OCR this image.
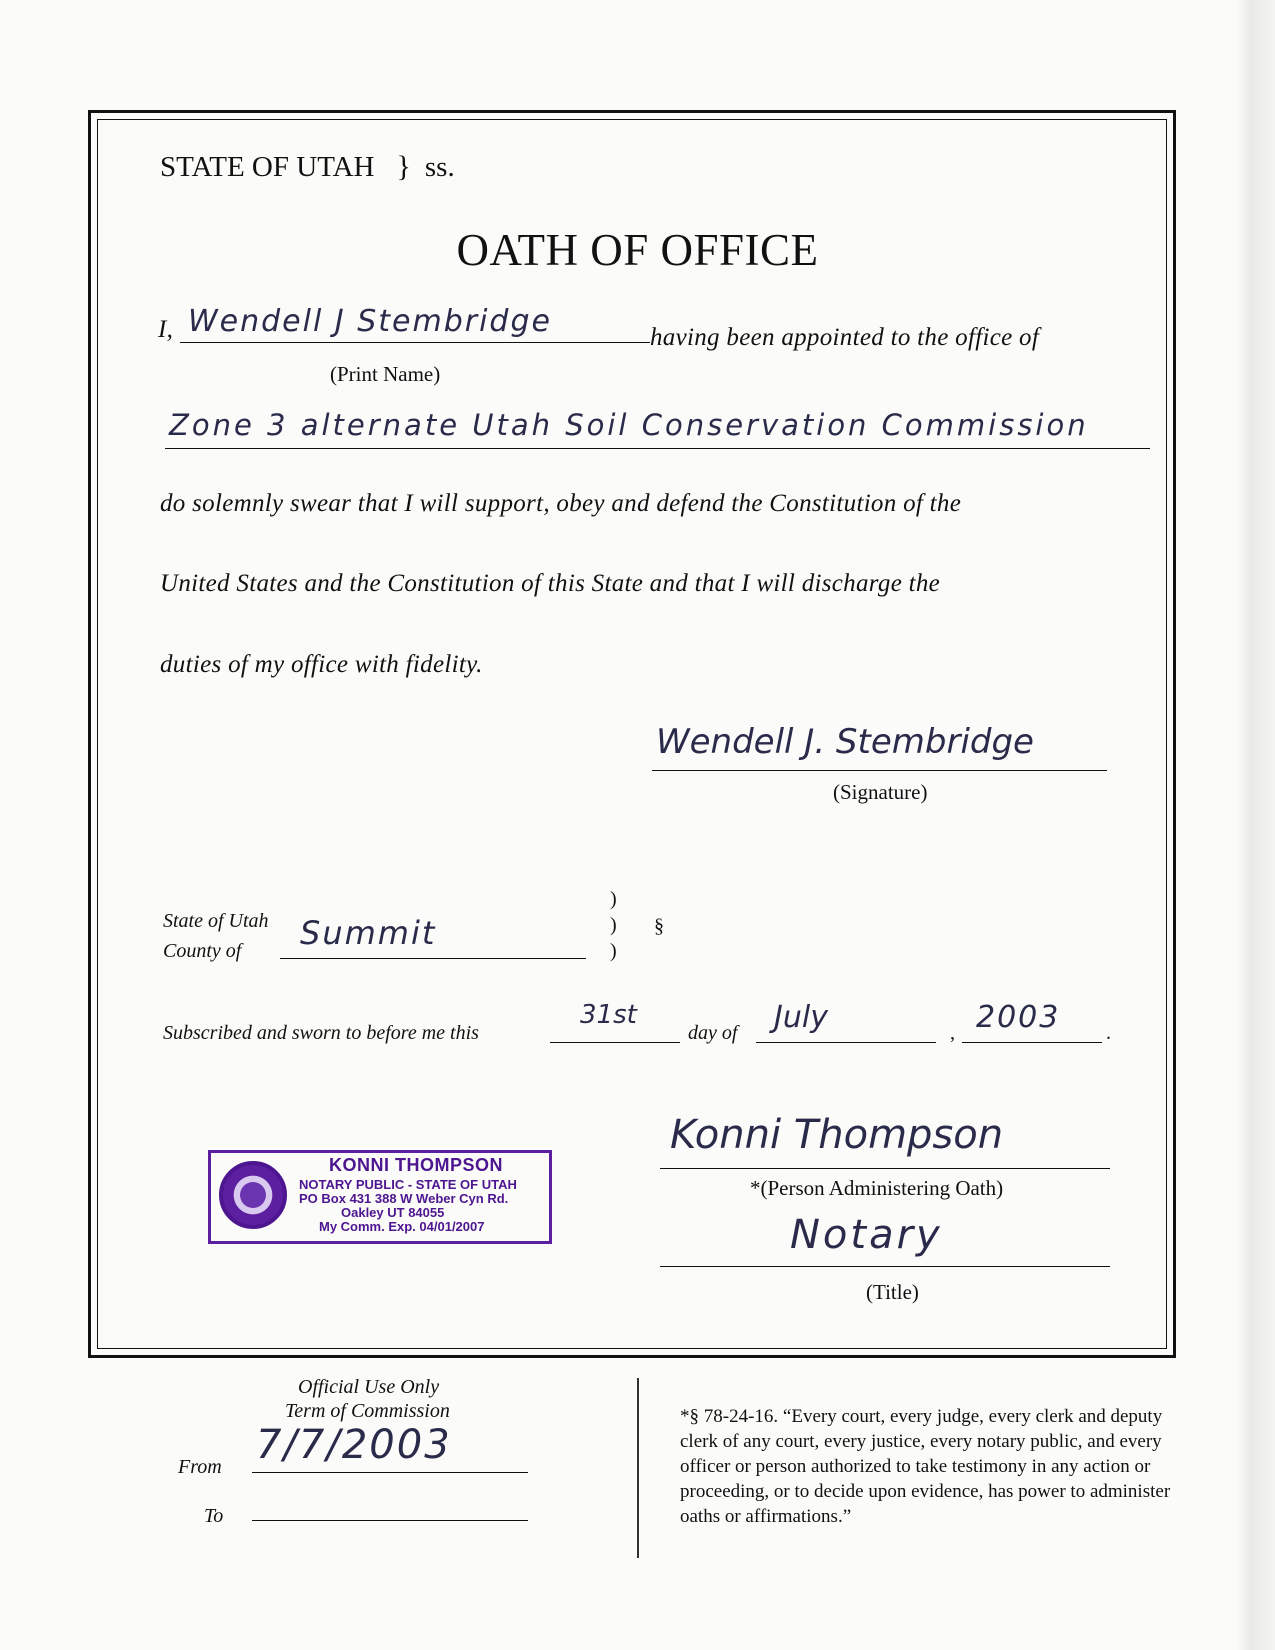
STATE OF UTAH } ss.
OATH OF OFFICE
I, Wendell J Stembridge	having been appointed to the office of
(Print Name)
Zone 3 alternate Utah Soil Conservation Commission
do solemnly swear that I will support, obey and defend the Constitution of the
United States and the Constitution of this State and that I will discharge the
duties of my office with fidelity.
Wendell J. Stembridge
(Signature)
State of Utah
County of Summit
)
)
)
§
Subscribed and sworn to before me this
31st
day of July	, 2003 .
KONNI THOMPSON
NOTARY PUBLIC - STATE OF UTAH
PO Box 431 388 W Weber Cyn Rd.
Oakley UT 84055
My Comm. Exp. 04/01/2007
Konni Thompson
*(Person Administering Oath)
Notary
(Title)
Official Use Only
Term of Commission
From 7/7/2003
To
*§ 78-24-16. “Every court, every judge, every clerk and deputy clerk of any court, every justice, every notary public, and every officer or person authorized to take testimony in any action or proceeding, or to decide upon evidence, has power to administer oaths or affirmations.”
